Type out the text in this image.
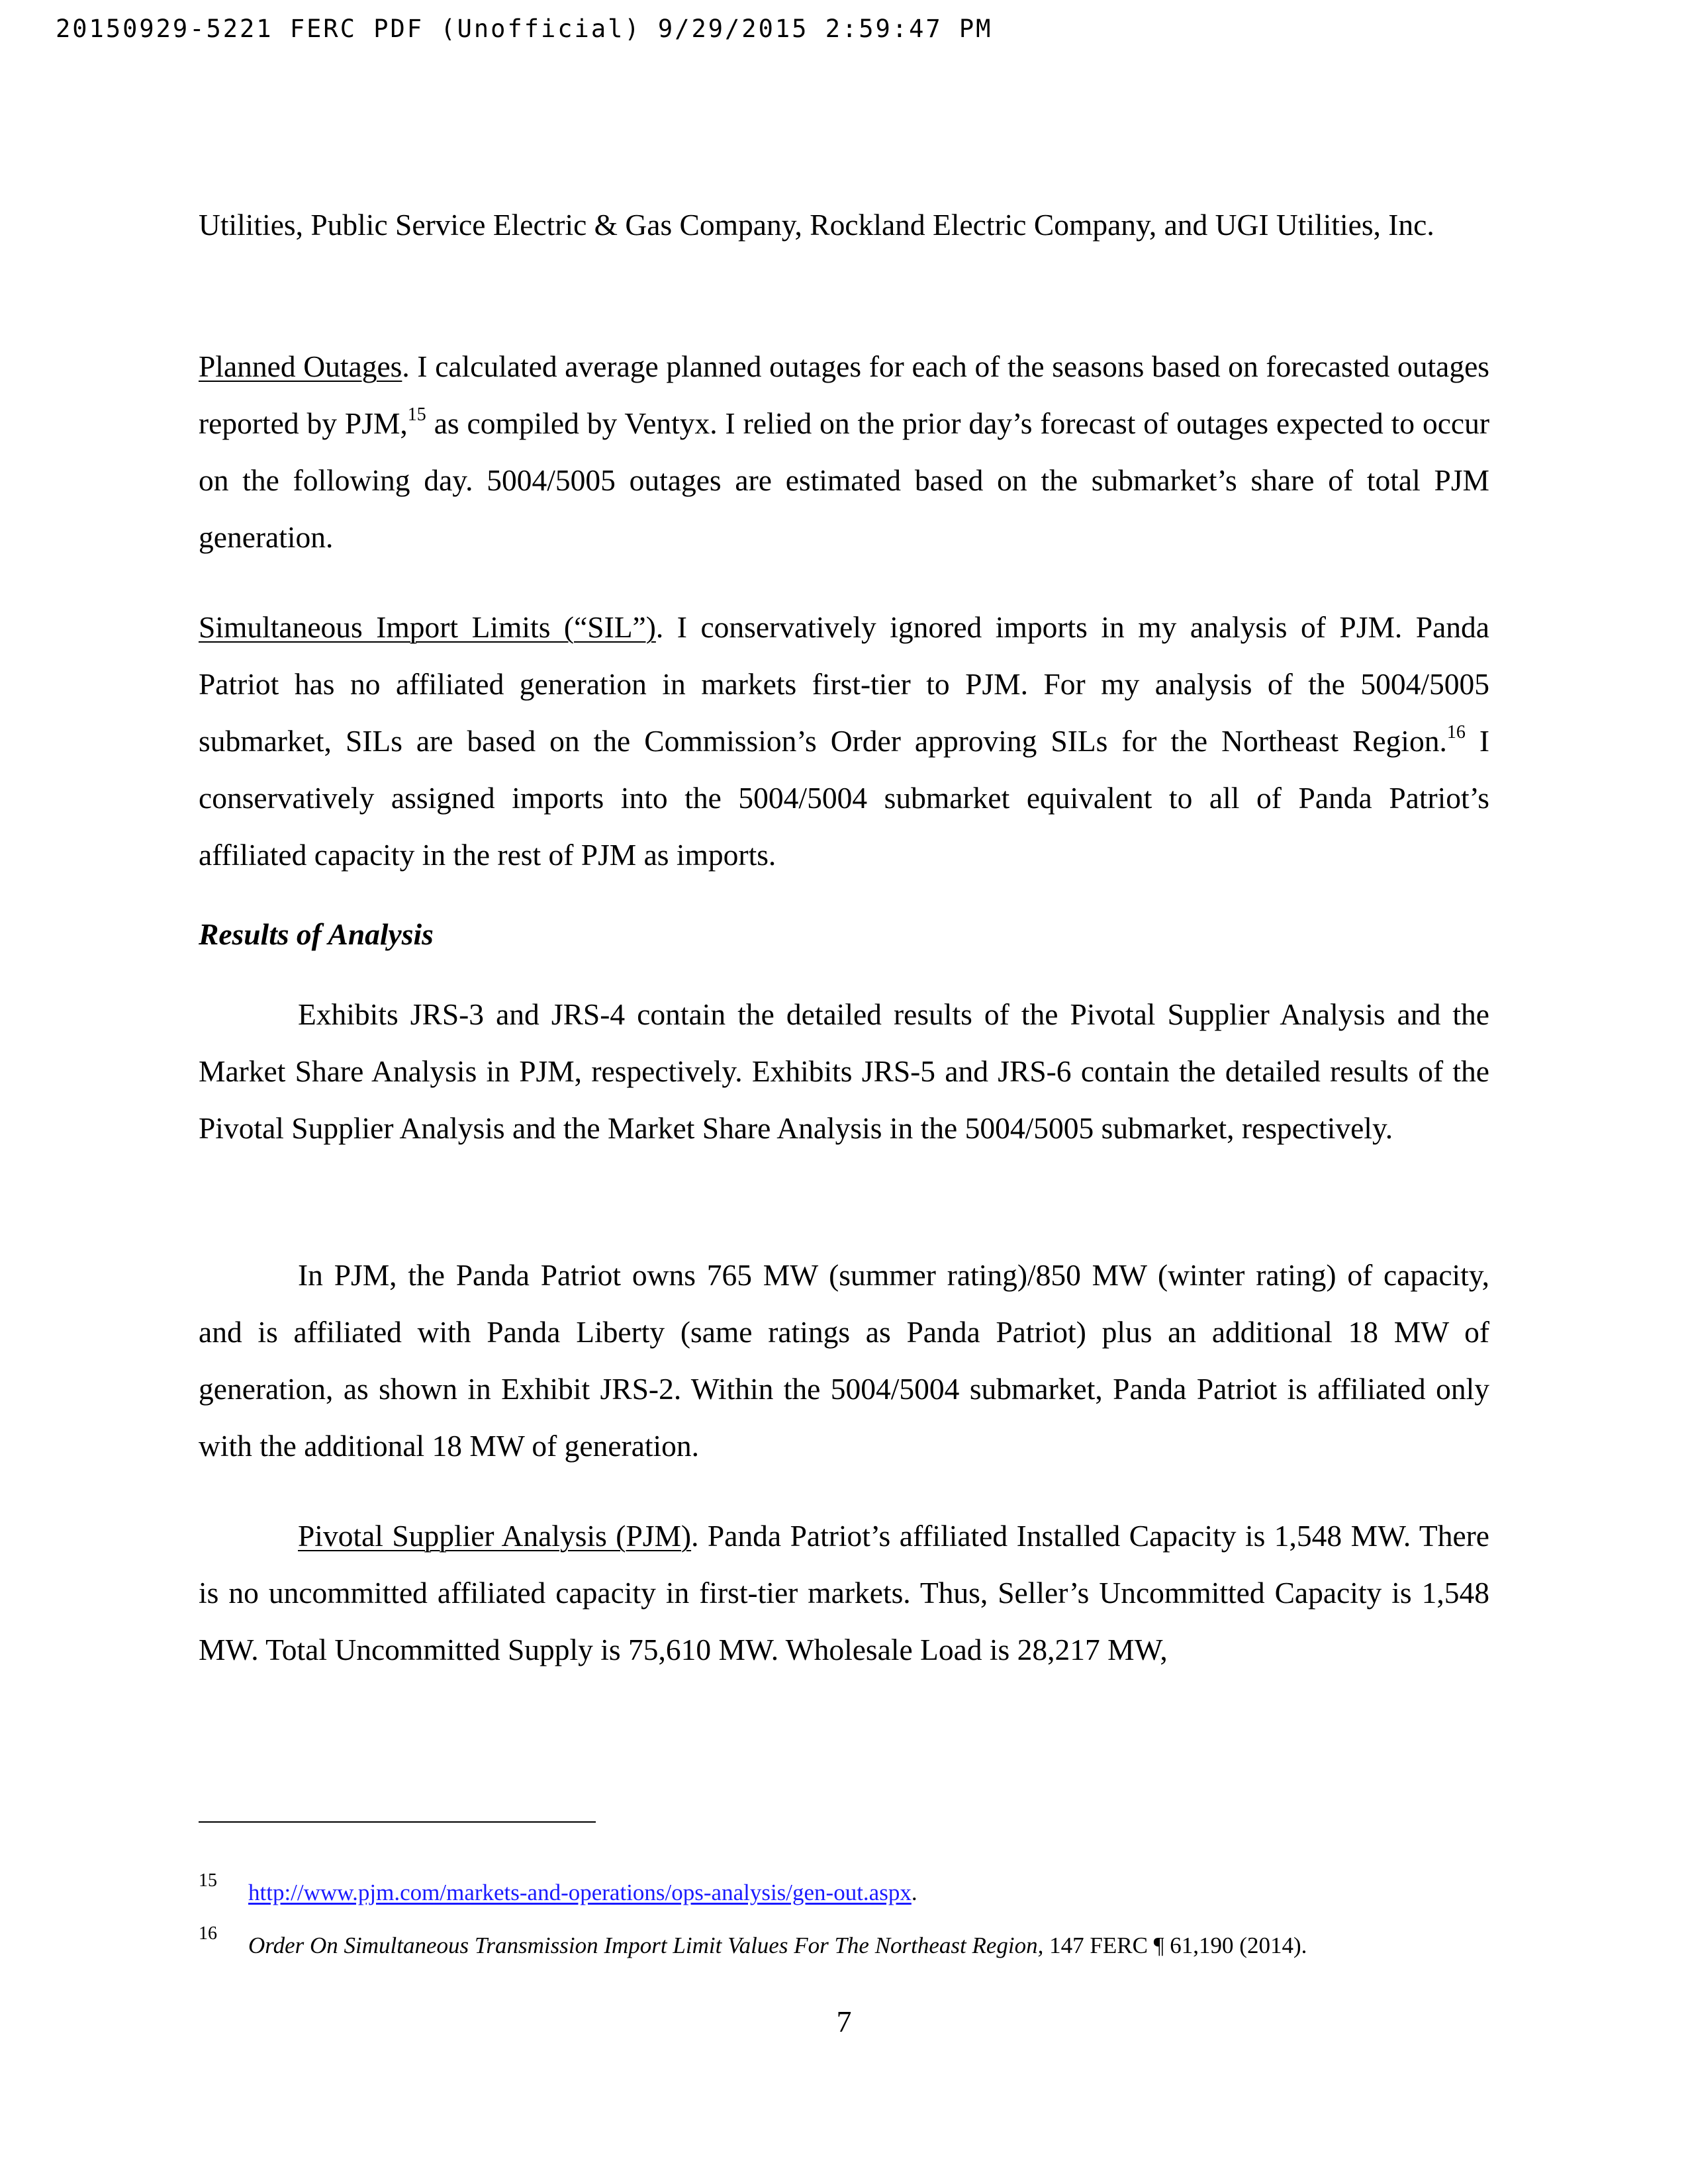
20150929-5221 FERC PDF (Unofficial) 9/29/2015 2:59:47 PM

Utilities, Public Service Electric & Gas Company, Rockland Electric Company, and UGI Utilities, Inc.

Planned Outages. I calculated average planned outages for each of the seasons based on forecasted outages reported by PJM,$^{15}$ as compiled by Ventyx. I relied on the prior day’s forecast of outages expected to occur on the following day. 5004/5005 outages are estimated based on the submarket’s share of total PJM generation.

Simultaneous Import Limits (“SIL”). I conservatively ignored imports in my analysis of PJM. Panda Patriot has no affiliated generation in markets first-tier to PJM. For my analysis of the 5004/5005 submarket, SILs are based on the Commission’s Order approving SILs for the Northeast Region.$^{16}$ I conservatively assigned imports into the 5004/5004 submarket equivalent to all of Panda Patriot’s affiliated capacity in the rest of PJM as imports.

Results of Analysis

Exhibits JRS-3 and JRS-4 contain the detailed results of the Pivotal Supplier Analysis and the Market Share Analysis in PJM, respectively. Exhibits JRS-5 and JRS-6 contain the detailed results of the Pivotal Supplier Analysis and the Market Share Analysis in the 5004/5005 submarket, respectively.

In PJM, the Panda Patriot owns 765 MW (summer rating)/850 MW (winter rating) of capacity, and is affiliated with Panda Liberty (same ratings as Panda Patriot) plus an additional 18 MW of generation, as shown in Exhibit JRS-2. Within the 5004/5004 submarket, Panda Patriot is affiliated only with the additional 18 MW of generation.

Pivotal Supplier Analysis (PJM). Panda Patriot’s affiliated Installed Capacity is 1,548 MW. There is no uncommitted affiliated capacity in first-tier markets. Thus, Seller’s Uncommitted Capacity is 1,548 MW. Total Uncommitted Supply is 75,610 MW. Wholesale Load is 28,217 MW,

15 http://www.pjm.com/markets-and-operations/ops-analysis/gen-out.aspx.
16 Order On Simultaneous Transmission Import Limit Values For The Northeast Region, 147 FERC ¶ 61,190 (2014).
7
